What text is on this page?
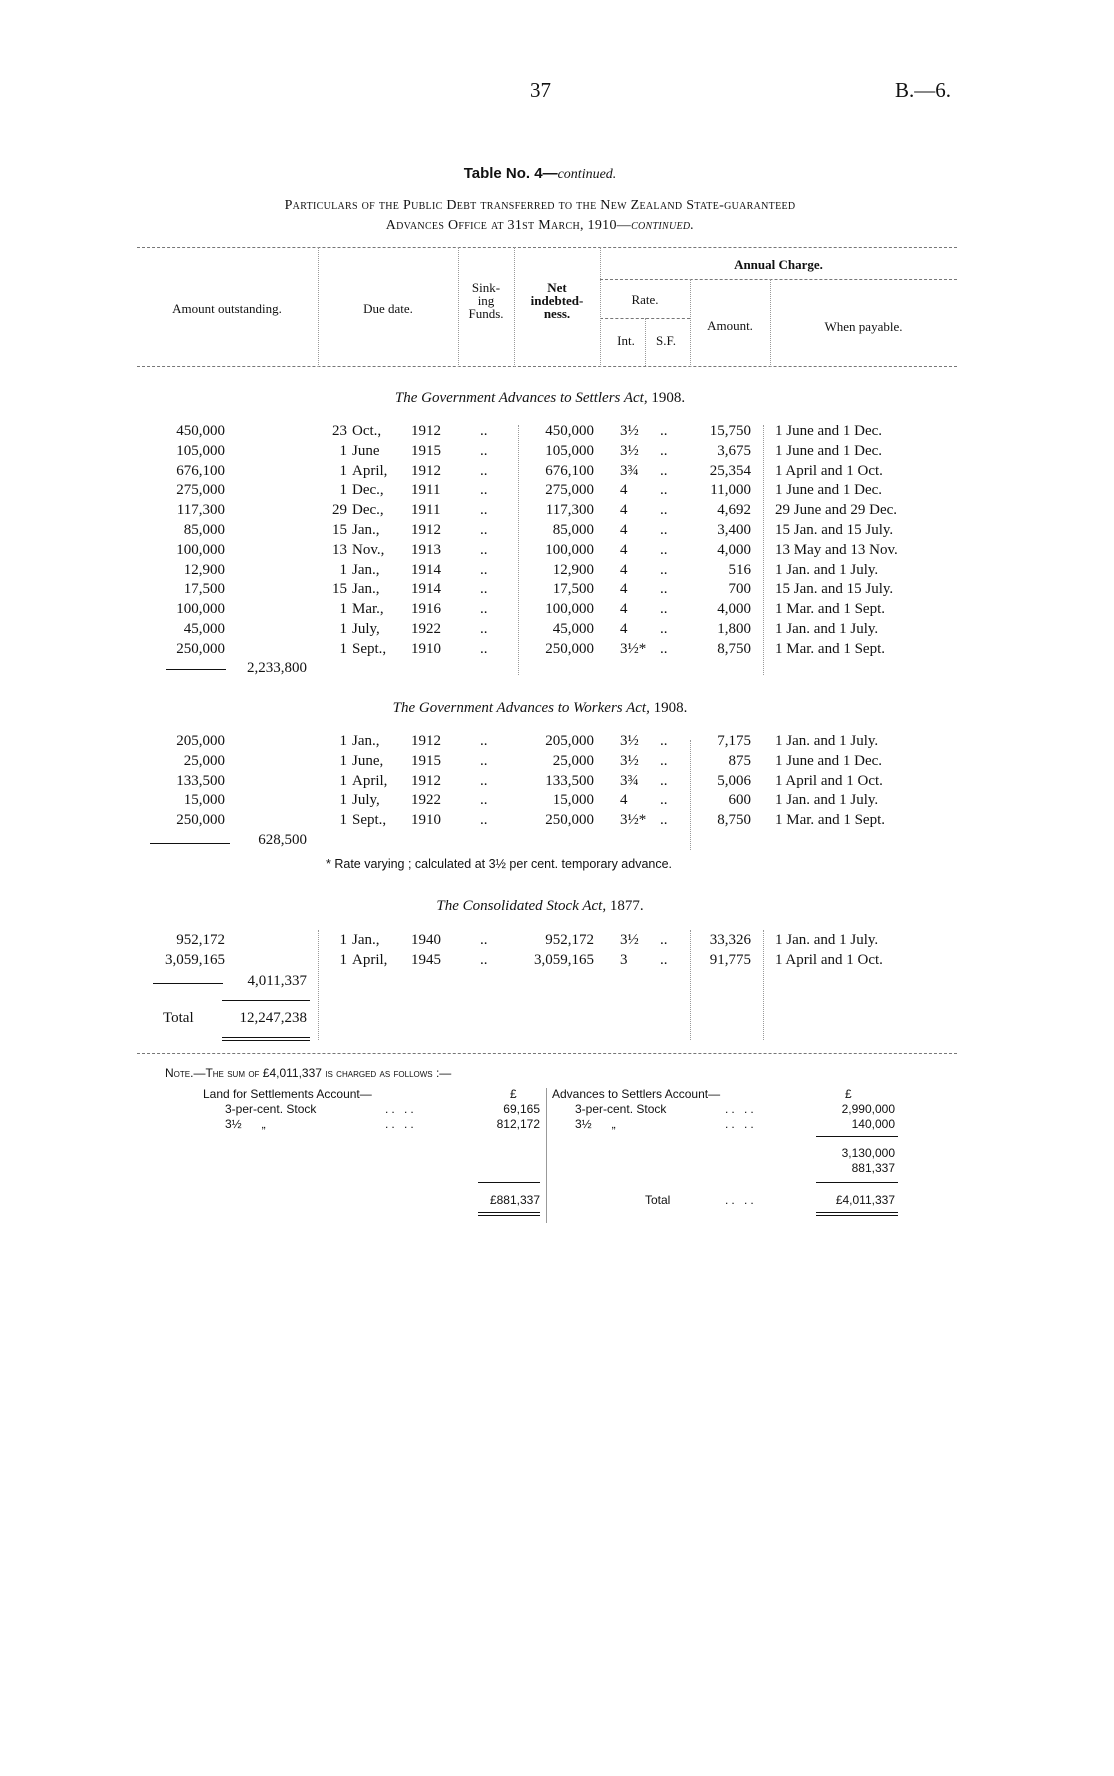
37	B.—6.
Table No. 4—continued.
Particulars of the Public Debt transferred to the New Zealand State-guaranteed
Advances Office at 31st March, 1910—continued.
Amount outstanding.	Due date.
Sink-
ing
Funds.
Net
indebted-
ness.
Annual Charge.
Rate.
Int.	S.F.
Amount.	When payable.
The Government Advances to Settlers Act, 1908.
450,000	23 Oct., 1912	..	450,000 3½ ..	15,750 1 June and 1 Dec.
105,000	1 June 1915	..	105,000 3½ ..	3,675 1 June and 1 Dec.
676,100	1 April, 1912	..	676,100 3¾ ..	25,354 1 April and 1 Oct.
275,000	1 Dec., 1911	..	275,000 4 ..	11,000 1 June and 1 Dec.
117,300	29 Dec., 1911	..	117,300 4 ..	4,692 29 June and 29 Dec.
85,000	15 Jan., 1912	..	85,000 4 ..	3,400 15 Jan. and 15 July.
100,000	13 Nov., 1913	..	100,000 4 ..	4,000 13 May and 13 Nov.
12,900	1 Jan., 1914	..	12,900 4 ..	516 1 Jan. and 1 July.
17,500	15 Jan., 1914	..	17,500 4 ..	700 15 Jan. and 15 July.
100,000	1 Mar., 1916	..	100,000 4 ..	4,000 1 Mar. and 1 Sept.
45,000	1 July, 1922	..	45,000 4 ..	1,800 1 Jan. and 1 July.
250,000	1 Sept., 1910	..	250,000 3½* ..	8,750 1 Mar. and 1 Sept.
2,233,800
The Government Advances to Workers Act, 1908.
205,000	1 Jan., 1912	..	205,000 3½ ..	7,175 1 Jan. and 1 July.
25,000	1 June, 1915	..	25,000 3½ ..	875 1 June and 1 Dec.
133,500	1 April, 1912	..	133,500 3¾ ..	5,006 1 April and 1 Oct.
15,000	1 July, 1922	..	15,000 4 ..	600 1 Jan. and 1 July.
250,000	1 Sept., 1910	..	250,000 3½* ..	8,750 1 Mar. and 1 Sept.
628,500
* Rate varying ; calculated at 3½ per cent. temporary advance.
The Consolidated Stock Act, 1877.
952,172	1 Jan., 1940	..	952,172 3½ ..	33,326 1 Jan. and 1 July.
3,059,165	1 April, 1945	..	3,059,165 3 ..	91,775 1 April and 1 Oct.
4,011,337
Total	12,247,238
Note.—The sum of £4,011,337 is charged as follows :—
Land for Settlements Account—	£
3-per-cent. Stock	.. ..	69,165
3½      „	.. ..	812,172
£881,337
Advances to Settlers Account—	£
3-per-cent. Stock	.. ..	2,990,000
3½      „	.. ..	140,000
3,130,000
881,337
Total	.. ..	£4,011,337
